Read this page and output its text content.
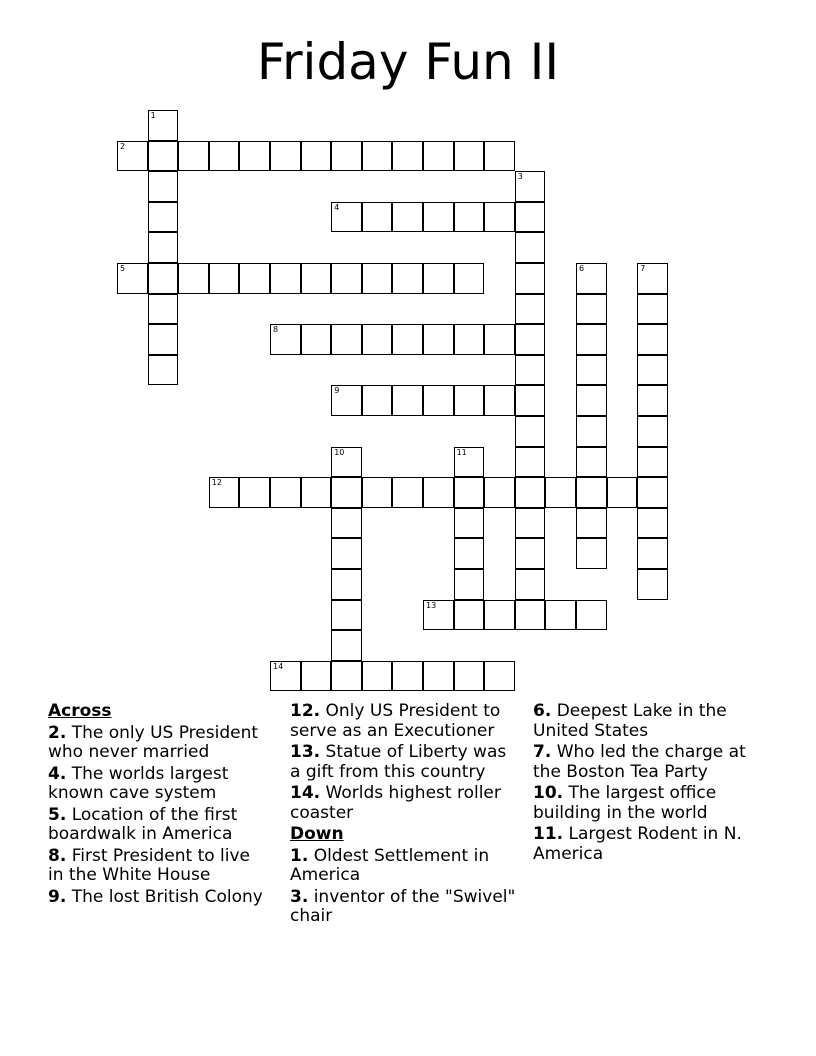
Friday Fun II
1
2
3
4
5	6	7
8
9
10	11
12
13
14
Across
2. The only US President who never married
4. The worlds largest known cave system
5. Location of the first boardwalk in America
8. First President to live in the White House
9. The lost British Colony
12. Only US President to serve as an Executioner
13. Statue of Liberty was a gift from this country
14. Worlds highest roller coaster
Down
1. Oldest Settlement in America
3. inventor of the "Swivel" chair
6. Deepest Lake in the United States
7. Who led the charge at the Boston Tea Party
10. The largest office building in the world
11. Largest Rodent in N. America
